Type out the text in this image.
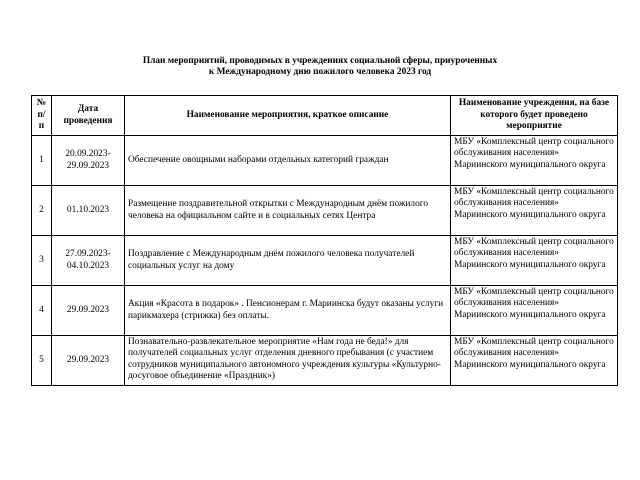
План мероприятий, проводимых в учреждениях социальной сферы, приуроченных
к Международному дню пожилого человека 2023 год
№ п/п	Дата проведения	Наименование мероприятия, краткое описание	Наименование учреждения, на базе которого будет проведено мероприятие
1	20.09.2023-29.09.2023	Обеспечение овощными наборами отдельных категорий граждан	МБУ «Комплексный центр социального обслуживания населения» Мариинского муниципального округа
2	01.10.2023	Размещение поздравительной открытки с Международным днём пожилого человека на официальном сайте и в социальных сетях Центра	МБУ «Комплексный центр социального обслуживания населения» Мариинского муниципального округа
3	27.09.2023-04.10.2023	Поздравление с Международным днём пожилого человека получателей социальных услуг на дому	МБУ «Комплексный центр социального обслуживания населения» Мариинского муниципального округа
4	29.09.2023	Акция «Красота в подарок» . Пенсионерам г. Мариинска будут оказаны услуги парикмахера (стрижка) без оплаты.	МБУ «Комплексный центр социального обслуживания населения» Мариинского муниципального округа
5	29.09.2023	Познавательно-развлекательное мероприятие «Нам года не беда!» для получателей социальных услуг отделения дневного пребывания (с участием сотрудников муниципального автономного учреждения культуры «Культурно-досуговое объединение «Праздник»)	МБУ «Комплексный центр социального обслуживания населения» Мариинского муниципального округа
